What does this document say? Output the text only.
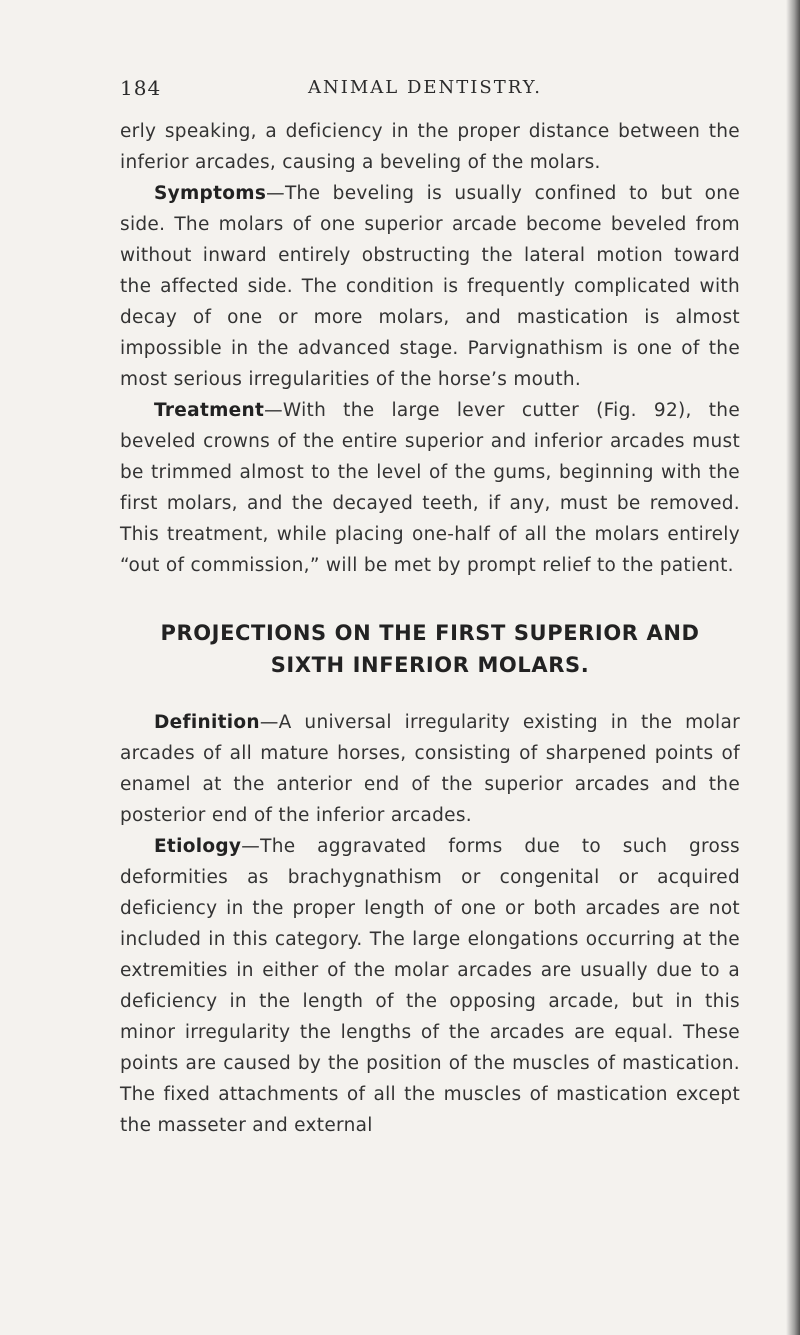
184	ANIMAL DENTISTRY.

erly speaking, a deficiency in the proper distance between the inferior arcades, causing a beveling of the molars.

Symptoms—The beveling is usually confined to but one side. The molars of one superior arcade become beveled from without inward entirely obstructing the lateral motion toward the affected side. The condition is frequently complicated with decay of one or more molars, and mastication is almost impossible in the advanced stage. Parvignathism is one of the most serious irregularities of the horse’s mouth.

Treatment—With the large lever cutter (Fig. 92), the beveled crowns of the entire superior and inferior arcades must be trimmed almost to the level of the gums, beginning with the first molars, and the decayed teeth, if any, must be removed. This treatment, while placing one-half of all the molars entirely “out of commission,” will be met by prompt relief to the patient.

PROJECTIONS ON THE FIRST SUPERIOR AND SIXTH INFERIOR MOLARS.

Definition—A universal irregularity existing in the molar arcades of all mature horses, consisting of sharpened points of enamel at the anterior end of the superior arcades and the posterior end of the inferior arcades.

Etiology—The aggravated forms due to such gross deformities as brachygnathism or congenital or acquired deficiency in the proper length of one or both arcades are not included in this category. The large elongations occurring at the extremities in either of the molar arcades are usually due to a deficiency in the length of the opposing arcade, but in this minor irregularity the lengths of the arcades are equal. These points are caused by the position of the muscles of mastication. The fixed attachments of all the muscles of mastication except the masseter and external
